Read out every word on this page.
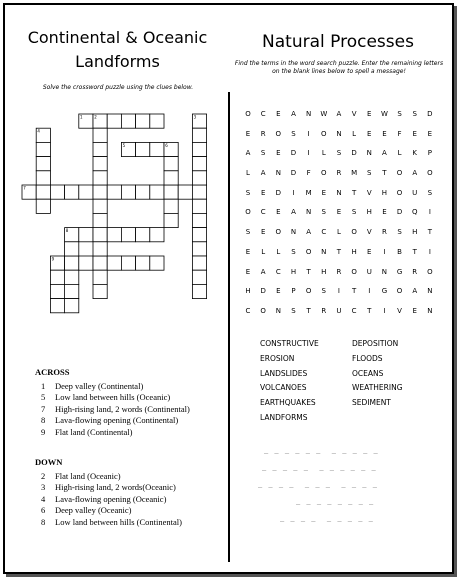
Continental & Oceanic
Landforms
Solve the crossword puzzle using the clues below.
1	2	3
4
5	6
7
8
9
ACROSS
1 Deep valley (Continental)
5 Low land between hills (Oceanic)
7 High-rising land, 2 words (Continental)
8 Lava-flowing opening (Continental)
9 Flat land (Continental)
DOWN
2 Flat land (Oceanic)
3 High-rising land, 2 words(Oceanic)
4 Lava-flowing opening (Oceanic)
6 Deep valley (Oceanic)
8 Low land between hills (Continental)
Natural Processes
Find the terms in the word search puzzle. Enter the remaining letters on the blank lines below to spell a message!
O	C	E	A	N	W	A	V	E	W	S	S	D
E	R	O	S	I	O	N	L	E	E	F	E	E
A	S	E	D	I	L	S	D	N	A	L	K	P
L	A	N	D	F	O	R	M	S	T	O	A	O
S	E	D	I	M	E	N	T	V	H	O	U	S
O	C	E	A	N	S	E	S	H	E	D	Q	I
S	E	O	N	A	C	L	O	V	R	S	H	T
E	L	L	S	O	N	T	H	E	I	B	T	I
E	A	C	H	T	H	R	O	U	N	G	R	O
H	D	E	P	O	S	I	T	I	G	O	A	N
C	O	N	S	T	R	U	C	T	I	V	E	N
CONSTRUCTIVE
EROSION
LANDSLIDES
VOLCANOES
EARTHQUAKES
LANDFORMS
DEPOSITION
FLOODS
OCEANS
WEATHERING
SEDIMENT
_ _ _ _ _ _  _ _ _ _ _
_ _ _ _ _  _ _ _ _ _ _
_ _ _ _  _ _ _  _ _ _ _
_ _ _ _ _ _ _ _
_ _ _ _  _ _ _ _ _
